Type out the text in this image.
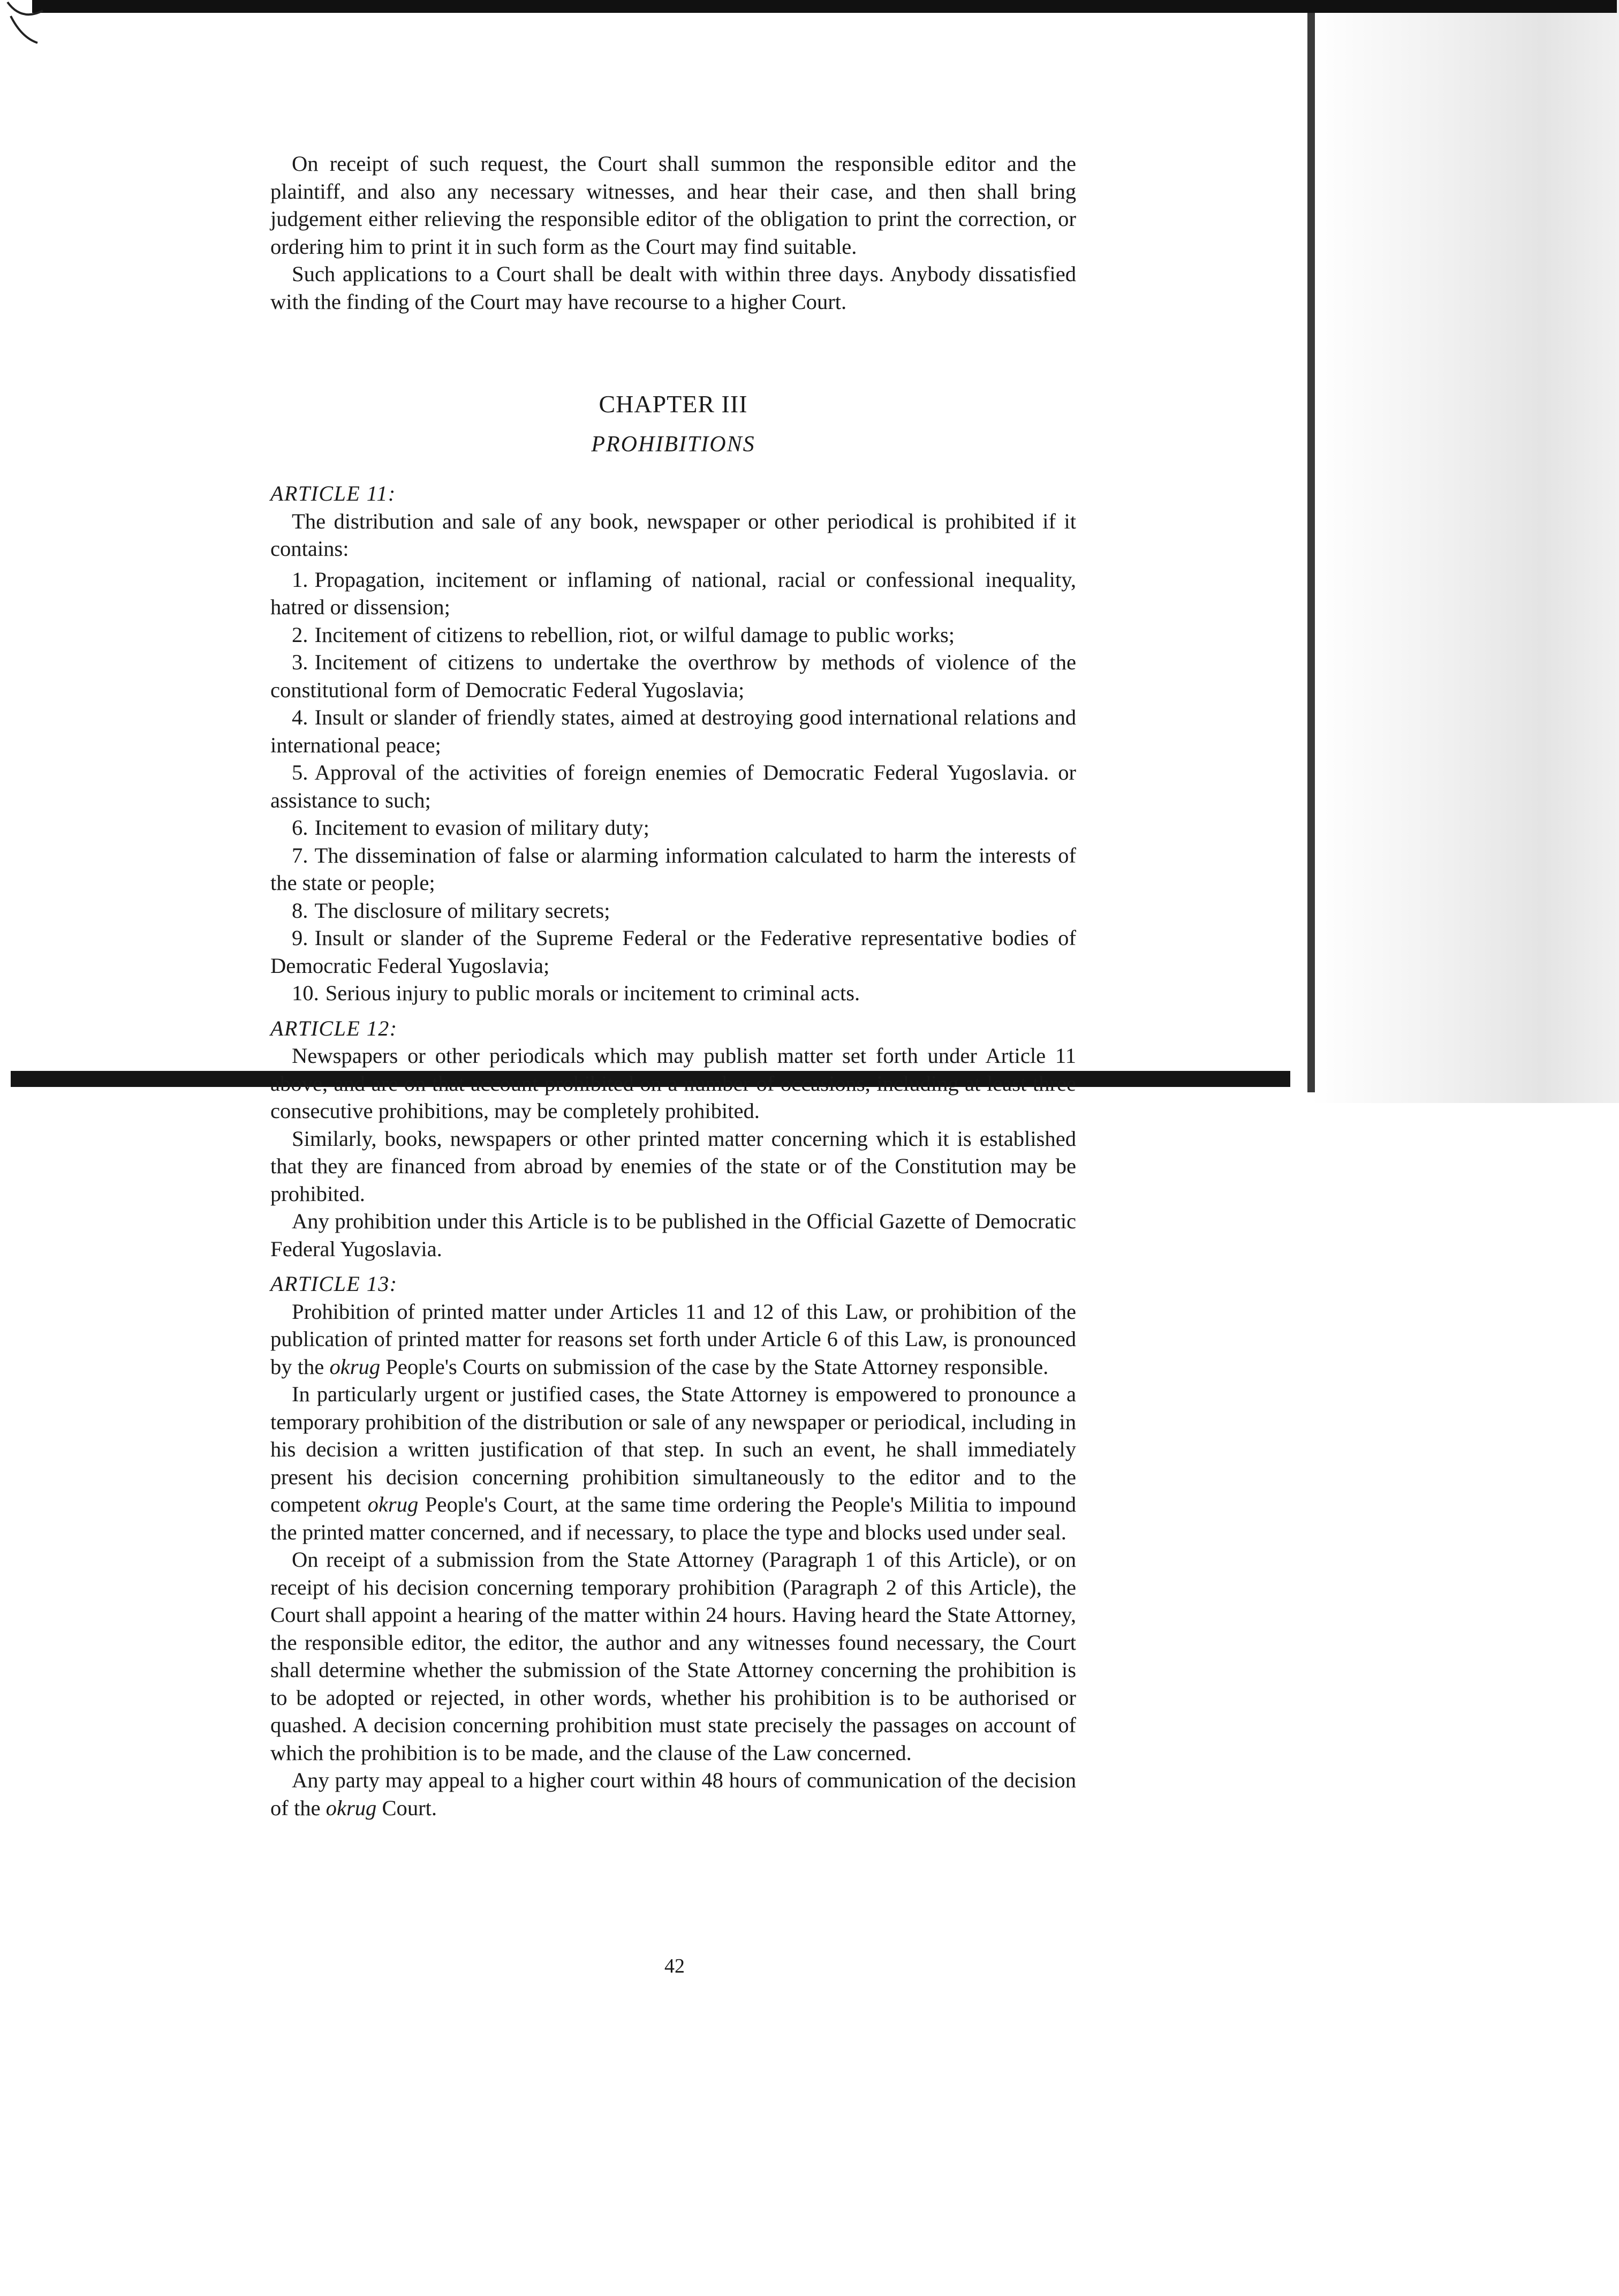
On receipt of such request, the Court shall summon the responsible editor and the plaintiff, and also any necessary witnesses, and hear their case, and then shall bring judgement either relieving the responsible editor of the obligation to print the correction, or ordering him to print it in such form as the Court may find suitable.

Such applications to a Court shall be dealt with within three days. Anybody dissatisfied with the finding of the Court may have recourse to a higher Court.

CHAPTER III
PROHIBITIONS
ARTICLE 11:

The distribution and sale of any book, newspaper or other periodical is prohibited if it contains:

1. Propagation, incitement or inflaming of national, racial or confessional inequality, hatred or dissension;

2. Incitement of citizens to rebellion, riot, or wilful damage to public works;

3. Incitement of citizens to undertake the overthrow by methods of violence of the constitutional form of Democratic Federal Yugoslavia;

4. Insult or slander of friendly states, aimed at destroying good international relations and international peace;

5. Approval of the activities of foreign enemies of Democratic Federal Yugoslavia. or assistance to such;

6. Incitement to evasion of military duty;

7. The dissemination of false or alarming information calculated to harm the interests of the state or people;

8. The disclosure of military secrets;

9. Insult or slander of the Supreme Federal or the Federative representative bodies of Democratic Federal Yugoslavia;

10. Serious injury to public morals or incitement to criminal acts.

ARTICLE 12:

Newspapers or other periodicals which may publish matter set forth under Article 11 above, and are on that account prohibited on a number of occasions, including at least three consecutive prohibitions, may be completely prohibited.

Similarly, books, newspapers or other printed matter concerning which it is established that they are financed from abroad by enemies of the state or of the Constitution may be prohibited.

Any prohibition under this Article is to be published in the Official Gazette of Democratic Federal Yugoslavia.

ARTICLE 13:

Prohibition of printed matter under Articles 11 and 12 of this Law, or prohibition of the publication of printed matter for reasons set forth under Article 6 of this Law, is pronounced by the okrug People's Courts on submission of the case by the State Attorney responsible.

In particularly urgent or justified cases, the State Attorney is empowered to pronounce a temporary prohibition of the distribution or sale of any newspaper or periodical, including in his decision a written justification of that step. In such an event, he shall immediately present his decision concerning prohibition simultaneously to the editor and to the competent okrug People's Court, at the same time ordering the People's Militia to impound the printed matter concerned, and if necessary, to place the type and blocks used under seal.

On receipt of a submission from the State Attorney (Paragraph 1 of this Article), or on receipt of his decision concerning temporary prohibition (Paragraph 2 of this Article), the Court shall appoint a hearing of the matter within 24 hours. Having heard the State Attorney, the responsible editor, the editor, the author and any witnesses found necessary, the Court shall determine whether the submission of the State Attorney concerning the prohibition is to be adopted or rejected, in other words, whether his prohibition is to be authorised or quashed. A decision concerning prohibition must state precisely the passages on account of which the prohibition is to be made, and the clause of the Law concerned.

Any party may appeal to a higher court within 48 hours of communication of the decision of the okrug Court.

42
